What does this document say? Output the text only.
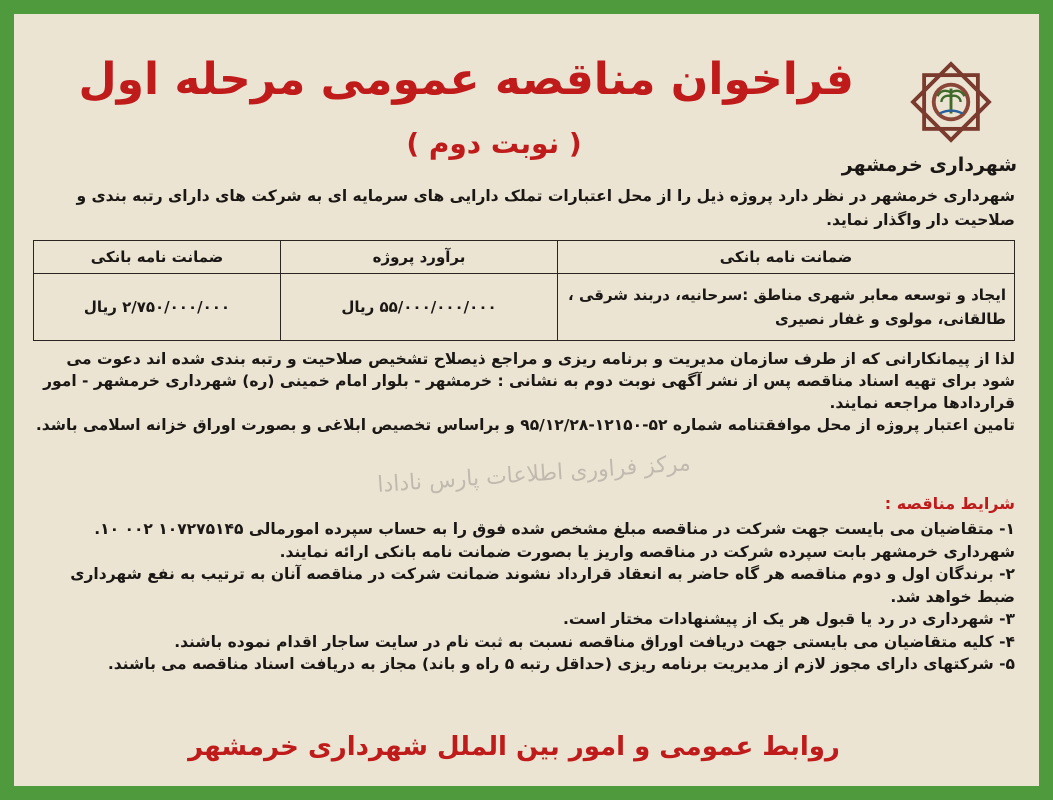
شهرداری خرمشهر
فراخوان مناقصه عمومی مرحله اول
( نوبت دوم )
شهرداری خرمشهر در نظر دارد پروژه ذیل را از محل اعتبارات تملک دارایی های سرمایه ای به شرکت های دارای رتبه بندی و صلاحیت دار واگذار نماید.
ضمانت نامه بانکی	برآورد پروژه	ضمانت نامه بانکی
ایجاد و توسعه معابر شهری مناطق :سرحانیه، دربند شرقی ، طالقانی، مولوی و غفار نصیری	۵۵/۰۰۰/۰۰۰/۰۰۰ ریال	۲/۷۵۰/۰۰۰/۰۰۰ ریال

لذا از پیمانکارانی که از طرف سازمان مدیریت و برنامه ریزی و مراجع ذیصلاح تشخیص صلاحیت و رتبه بندی شده اند دعوت می شود برای تهیه اسناد مناقصه پس از نشر آگهی نوبت دوم به نشانی : خرمشهر - بلوار امام خمینی (ره) شهرداری خرمشهر - امور قراردادها مراجعه نمایند.

تامین اعتبار پروژه از محل موافقتنامه شماره ۵۲-۱۲۱۵۰-۹۵/۱۲/۲۸ و براساس تخصیص ابلاغی و بصورت اوراق خزانه اسلامی باشد.

مرکز فراوری اطلاعات پارس نادادا
شرایط مناقصه :

۱- متقاضیان می بایست جهت شرکت در مناقصه مبلغ مشخص شده فوق را به حساب سپرده امورمالی ۱۰۷۲۷۵۱۴۵ ۰۰۲ ۱۰. شهرداری خرمشهر بابت سپرده شرکت در مناقصه واریز یا بصورت ضمانت نامه بانکی ارائه نمایند.

۲- برندگان اول و دوم مناقصه هر گاه حاضر به انعقاد قرارداد نشوند ضمانت شرکت در مناقصه آنان به ترتیب به نفع شهرداری ضبط خواهد شد.

۳- شهرداری در رد یا قبول هر یک از پیشنهادات مختار است.

۴- کلیه متقاضیان می بایستی جهت دریافت اوراق مناقصه نسبت به ثبت نام در سایت ساجار اقدام نموده باشند.

۵- شرکتهای دارای مجوز لازم از مدیریت برنامه ریزی (حداقل رتبه ۵ راه و باند) مجاز به دریافت اسناد مناقصه می باشند.

روابط عمومی و امور بین الملل شهرداری خرمشهر
